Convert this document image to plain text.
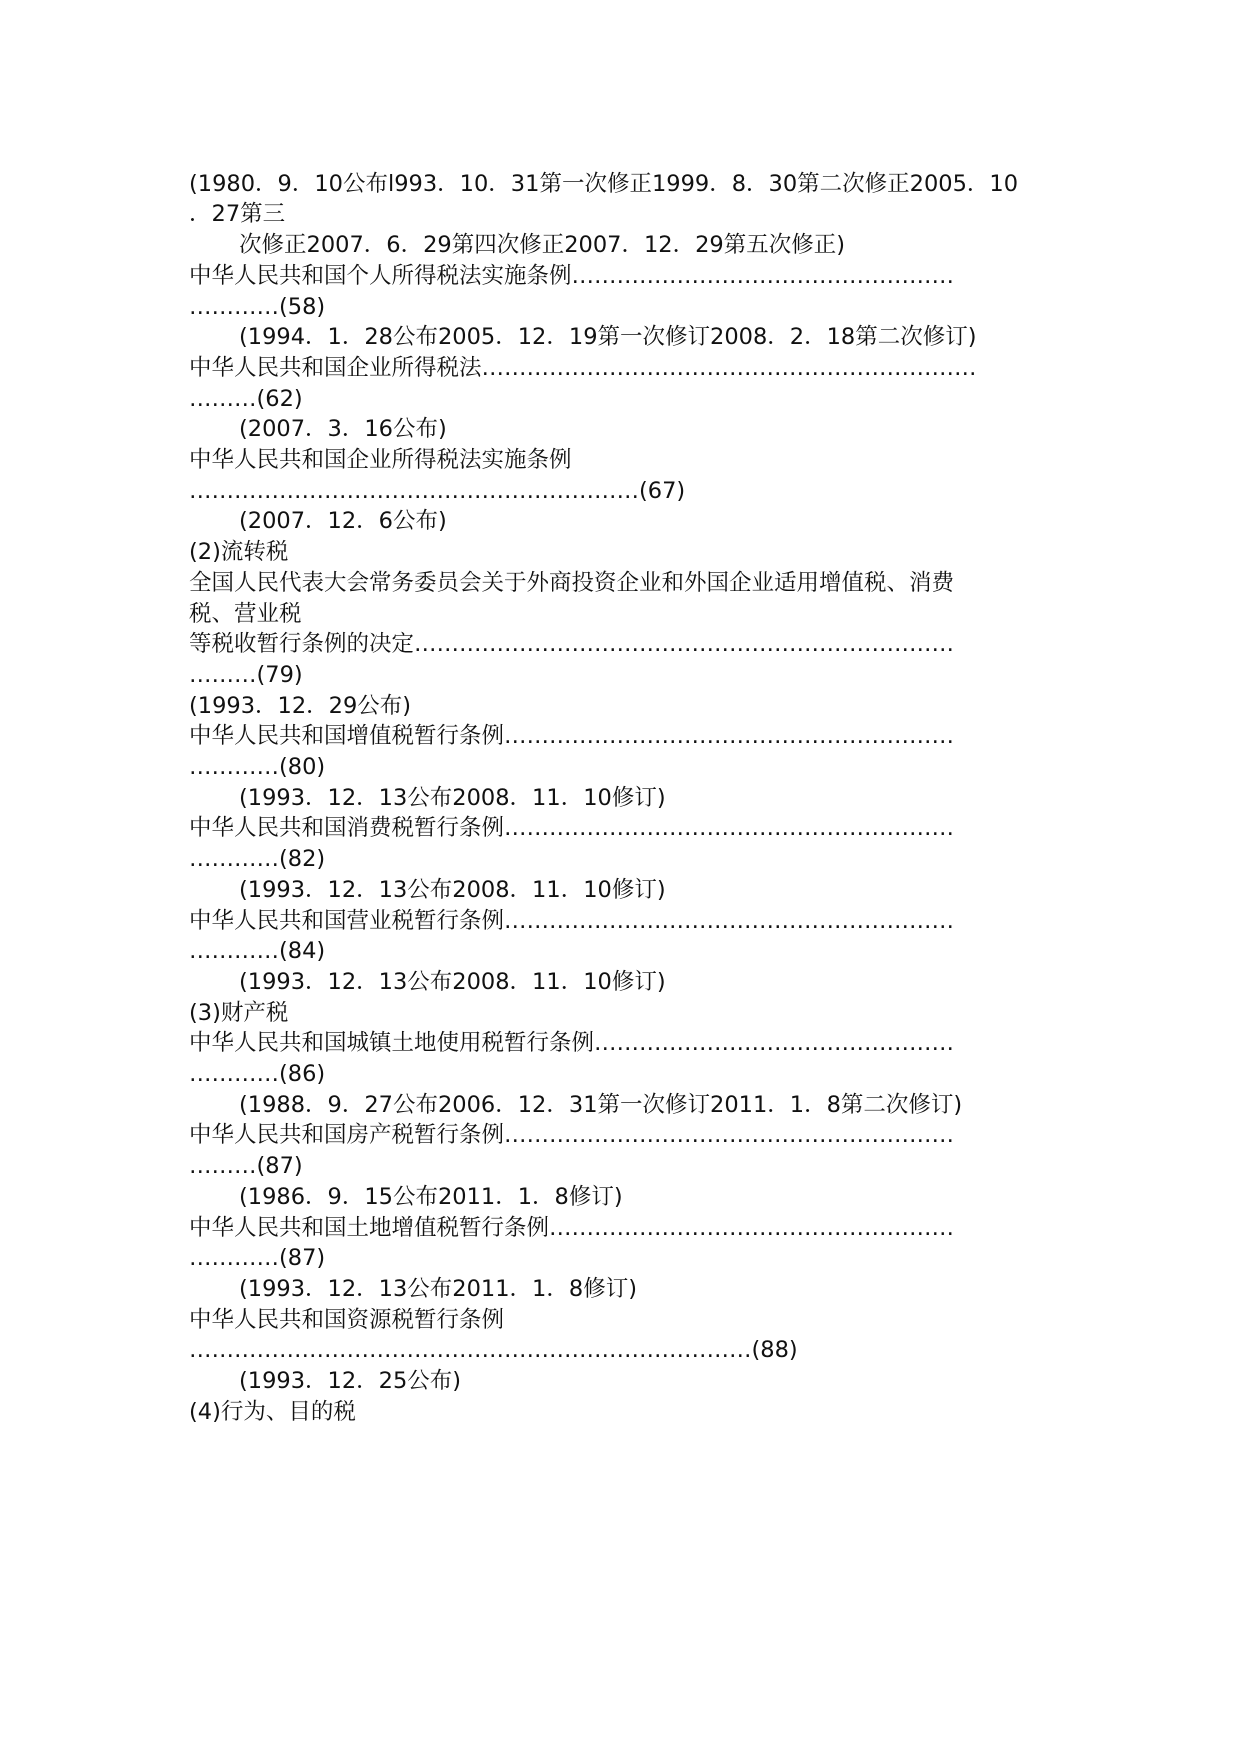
(1980．9．10公布l993．10．31第一次修正1999．8．30第二次修正2005．10

．27第三

次修正2007．6．29第四次修正2007．12．29第五次修正)

中华人民共和国个人所得税法实施条例……………………………………………

…………(58)

(1994．1．28公布2005．12．19第一次修订2008．2．18第二次修订)

中华人民共和国企业所得税法…………………………………………………………

………(62)

(2007．3．16公布)

中华人民共和国企业所得税法实施条例

……………………………………………………(67)

(2007．12．6公布)

(2)流转税

全国人民代表大会常务委员会关于外商投资企业和外国企业适用增值税、消费

税、营业税

等税收暂行条例的决定………………………………………………………………

………(79)

(1993．12．29公布)

中华人民共和国增值税暂行条例……………………………………………………

…………(80)

(1993．12．13公布2008．11．10修订)

中华人民共和国消费税暂行条例……………………………………………………

…………(82)

(1993．12．13公布2008．11．10修订)

中华人民共和国营业税暂行条例……………………………………………………

…………(84)

(1993．12．13公布2008．11．10修订)

(3)财产税

中华人民共和国城镇土地使用税暂行条例…………………………………………

…………(86)

(1988．9．27公布2006．12．31第一次修订2011．1．8第二次修订)

中华人民共和国房产税暂行条例……………………………………………………

………(87)

(1986．9．15公布2011．1．8修订)

中华人民共和国土地增值税暂行条例………………………………………………

…………(87)

(1993．12．13公布2011．1．8修订)

中华人民共和国资源税暂行条例

…………………………………………………………………(88)

(1993．12．25公布)

(4)行为、目的税
